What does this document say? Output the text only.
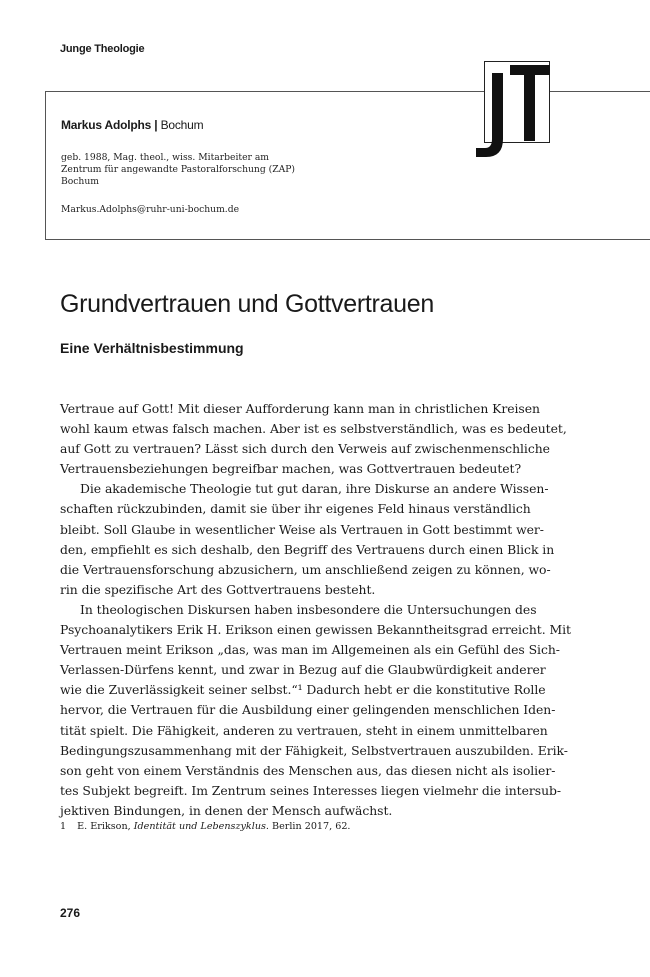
Junge Theologie
Markus Adolphs | Bochum
geb. 1988, Mag. theol., wiss. Mitarbeiter am Zentrum für angewandte Pastoralforschung (ZAP) Bochum
Markus.Adolphs@ruhr-uni-bochum.de
Grundvertrauen und Gottvertrauen
Eine Verhältnisbestimmung
Vertraue auf Gott! Mit dieser Aufforderung kann man in christlichen Kreisen
wohl kaum etwas falsch machen. Aber ist es selbstverständlich, was es bedeutet,
auf Gott zu vertrauen? Lässt sich durch den Verweis auf zwischenmenschliche
Vertrauensbeziehungen begreifbar machen, was Gottvertrauen bedeutet?
Die akademische Theologie tut gut daran, ihre Diskurse an andere Wissen-
schaften rückzubinden, damit sie über ihr eigenes Feld hinaus verständlich
bleibt. Soll Glaube in wesentlicher Weise als Vertrauen in Gott bestimmt wer-
den, empfiehlt es sich deshalb, den Begriff des Vertrauens durch einen Blick in
die Vertrauensforschung abzusichern, um anschließend zeigen zu können, wo-
rin die spezifische Art des Gottvertrauens besteht.
In theologischen Diskursen haben insbesondere die Untersuchungen des
Psychoanalytikers Erik H. Erikson einen gewissen Bekanntheitsgrad erreicht. Mit
Vertrauen meint Erikson „das, was man im Allgemeinen als ein Gefühl des Sich-
Verlassen-Dürfens kennt, und zwar in Bezug auf die Glaubwürdigkeit anderer
wie die Zuverlässigkeit seiner selbst.“¹ Dadurch hebt er die konstitutive Rolle
hervor, die Vertrauen für die Ausbildung einer gelingenden menschlichen Iden-
tität spielt. Die Fähigkeit, anderen zu vertrauen, steht in einem unmittelbaren
Bedingungszusammenhang mit der Fähigkeit, Selbstvertrauen auszubilden. Erik-
son geht von einem Verständnis des Menschen aus, das diesen nicht als isolier-
tes Subjekt begreift. Im Zentrum seines Interesses liegen vielmehr die intersub-
jektiven Bindungen, in denen der Mensch aufwächst.
1 E. Erikson, Identität und Lebenszyklus. Berlin 2017, 62.
276
